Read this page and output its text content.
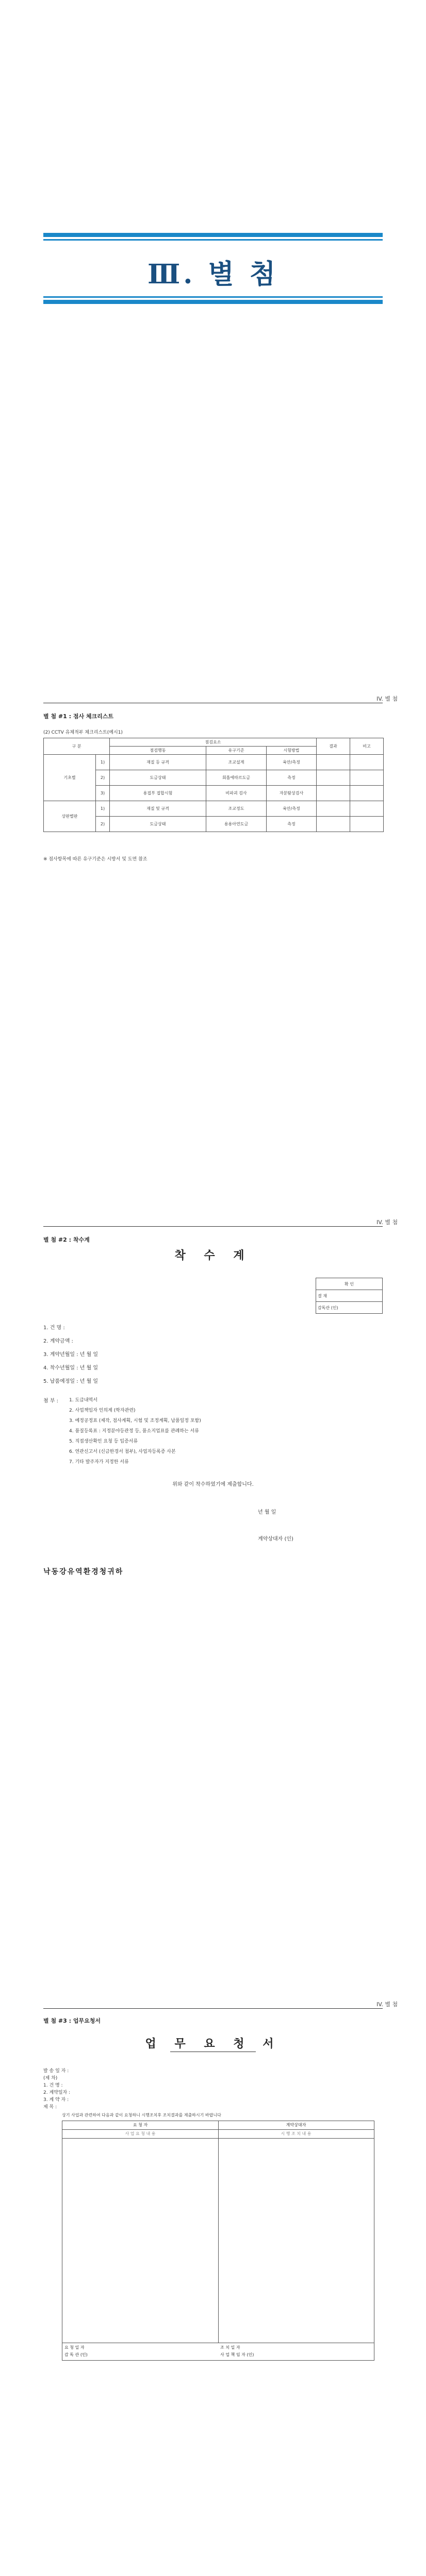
Ⅲ. 별 첨
IV. 별 첨
별 첨 #1 : 점사 체크리스트
(2) CCTV 유체적부 체크리스트(예시1)
구 분		점검요소			결과	비고
		점검행동	유구기준	시험방법		
기초별	1)	재질 등 규격	조교설계	육안/측정		
	2)	도금상태	회흡에따르도금	측정		
	3)	용접부 접합시험	비파괴 검사	자분탐상검사		
상판별판	1)	재질 및 규격	조교정도	육안/측정		
	2)	도금상태	용용아연도금	측정		
※ 점사항목에 따른 유구기준은 시방서 및 도면 참조
IV. 별 첨
별 첨 #2 : 착수계
착 수 계
확 인
결 재
감독관 (인)
1. 건 명 :
2. 계약금액 :
3. 계약년월일 : 년 월 일
4. 착수년월일 : 년 월 일
5. 납품예정일 : 년 월 일
첨 부 : 1. 도급내역서
2. 사업책임자 인의계 (학자관련)
3. 예정공정표 (제작, 점사계획, 시험 및 조정계획, 납품일정 포함)
4. 품질등록표 : 지정분야등관정 등, 품소지업표를 관례하는 서류
5. 직접생산확인 요청 등 입증서류
6. 연관신고서 (신금한경서 첨부), 사업자등록증 사본
7. 기타 발주자가 지정한 서류
위와 같이 착수하였기에 제출합니다.
년 월 일
계약상대자 (인)
낙동강유역환경청귀하
IV. 별 첨
별 첨 #3 : 업무요청서
업 무 요 청 서
발 송 일 자 :
(제 차)
1. 건 명 :
2. 계약일자 :
3. 계 약 자 :
제 목 :
상기 사업과 관련하여 다음과 같이 요청하니 시행조치후 조치결과를 제출하시기 바랍니다
요 청 자	계약상대자
사 업 요 청 내 용	시 행 조 치 내 용
요 청 일 자
감 독 관 (인)
조 치 일 자
사 업 책 임 자 (인)
